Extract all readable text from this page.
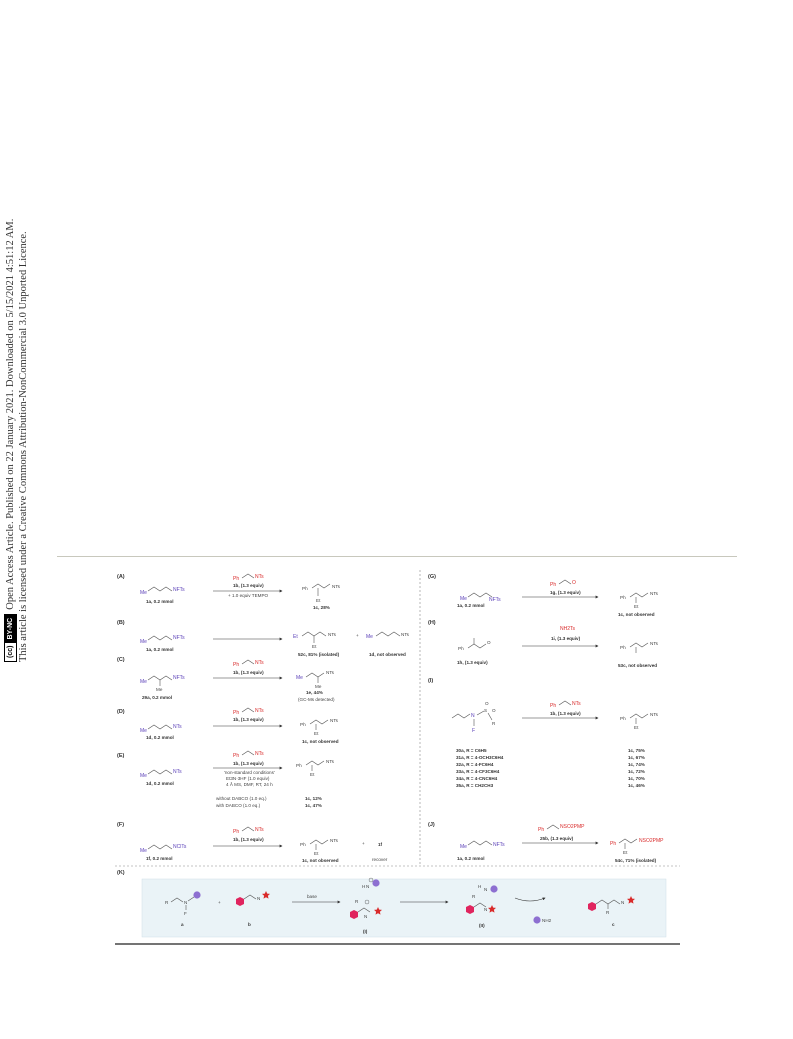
(cc)
BY-NC
Open Access Article. Published on 22 January 2021. Downloaded on 5/15/2021 4:51:12 AM. This article is licensed under a Creative Commons Attribution-NonCommercial 3.0 Unported Licence.	(A)
Me	NFTs
1a, 0.2 mmol
Ph	NTs
1b, (1.3 equiv)
+ 1.0 equiv TEMPO
Ph
Et
NTs
1c, 28%
(B)
Me
NFTs
1a, 0.2 mmol
Et
Et
NTs
52c, 81% (isolated)
+ Me	NTs
1d, not observed
(C)
Me
Me
NFTs
29a, 0.2 mmol
Ph	NTs
1b, (1.3 equiv)
Me
Me
NTs
1e, 44%
(GC-Ms detected)
(D)
Me
NTs
1d, 0.2 mmol
Ph	NTs
1b, (1.3 equiv)
Ph
Et
NTs
1c, not observed
(E)
Me
NTs
1d, 0.2 mmol
Ph	NTs
1b, (1.3 equiv)
'non-standard conditions'
Et3N·3HF (1.0 equiv)
4 Å MS, DMF, RT, 24 h
Ph
Et
NTs
without DABCO (1.0 eq.)
with DABCO (1.0 eq.)
1c, 12%
1c, 47%
(F)
Me
NClTs
1f, 0.2 mmol
Ph	NTs
1b, (1.3 equiv)
Ph
Et
NTs
1c, not observed
+	1f
recover
(G)
Me	NFTs
1a, 0.2 mmol
Ph	O
1g, (1.3 equiv)
Ph
Et
NTs
1c, not observed
(H)
Ph
O
1h, (1.3 equiv)
NH2Ts
1i, (1.3 equiv)
Ph
NTs
53c, not observed
(I)
N
F
S
O
O
R
Ph	NTs
1b, (1.3 equiv)
Ph
Et
NTs
30a, R = C6H5
31a, R = 4-OCH3C6H4
32a, R = 4-FC6H4
33a, R = 4-CF3C6H4
34a, R = 4-CNC6H4
35a, R = CH2CH3
1c, 75%
1c, 67%
1c, 74%
1c, 72%
1c, 70%
1c, 46%
(J)
Me	NFTs
1a, 0.2 mmol
Ph	NSO2PMP
25b, (1.3 equiv)
Ph
Et
NSO2PMP
54c, 71% (isolated)
(K)
R	N
F
a
+
N
b
base
H N
R
N
(I)
H
N
R
N
(II)
NH2
R
N
c
